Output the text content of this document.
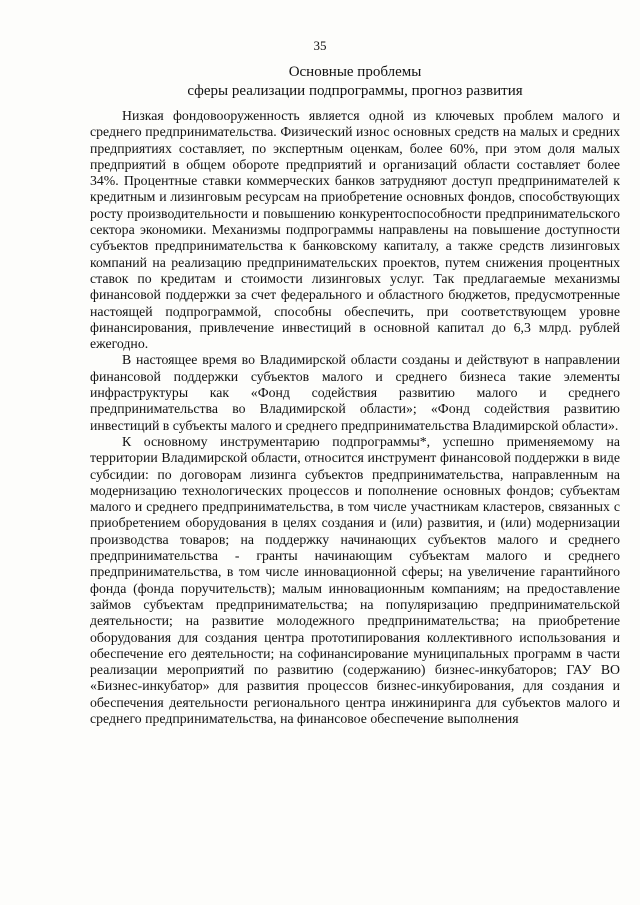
35
Основные проблемы
сферы реализации подпрограммы, прогноз развития

Низкая фондовооруженность является одной из ключевых проблем малого и среднего предпринимательства. Физический износ основных средств на малых и средних предприятиях составляет, по экспертным оценкам, более 60%, при этом доля малых предприятий в общем обороте предприятий и организаций области составляет более 34%. Процентные ставки коммерческих банков затрудняют доступ предпринимателей к кредитным и лизинговым ресурсам на приобретение основных фондов, способствующих росту производительности и повышению конкурентоспособности предпринимательского сектора экономики. Механизмы подпрограммы направлены на повышение доступности субъектов предпринимательства к банковскому капиталу, а также средств лизинговых компаний на реализацию предпринимательских проектов, путем снижения процентных ставок по кредитам и стоимости лизинговых услуг. Так предлагаемые механизмы финансовой поддержки за счет федерального и областного бюджетов, предусмотренные настоящей подпрограммой, способны обеспечить, при соответствующем уровне финансирования, привлечение инвестиций в основной капитал до 6,3 млрд. рублей ежегодно.

В настоящее время во Владимирской области созданы и действуют в направлении финансовой поддержки субъектов малого и среднего бизнеса такие элементы инфраструктуры как «Фонд содействия развитию малого и среднего предпринимательства во Владимирской области»; «Фонд содействия развитию инвестиций в субъекты малого и среднего предпринимательства Владимирской области».

К основному инструментарию подпрограммы*, успешно применяемому на территории Владимирской области, относится инструмент финансовой поддержки в виде субсидии: по договорам лизинга субъектов предпринимательства, направленным на модернизацию технологических процессов и пополнение основных фондов; субъектам малого и среднего предпринимательства, в том числе участникам кластеров, связанных с приобретением оборудования в целях создания и (или) развития, и (или) модернизации производства товаров; на поддержку начинающих субъектов малого и среднего предпринимательства - гранты начинающим субъектам малого и среднего предпринимательства, в том числе инновационной сферы; на увеличение гарантийного фонда (фонда поручительств); малым инновационным компаниям; на предоставление займов субъектам предпринимательства; на популяризацию предпринимательской деятельности; на развитие молодежного предпринимательства; на приобретение оборудования для создания центра прототипирования коллективного использования и обеспечение его деятельности; на софинансирование муниципальных программ в части реализации мероприятий по развитию (содержанию) бизнес-инкубаторов; ГАУ ВО «Бизнес-инкубатор» для развития процессов бизнес-инкубирования, для создания и обеспечения деятельности регионального центра инжиниринга для субъектов малого и среднего предпринимательства, на финансовое обеспечение выполнения
